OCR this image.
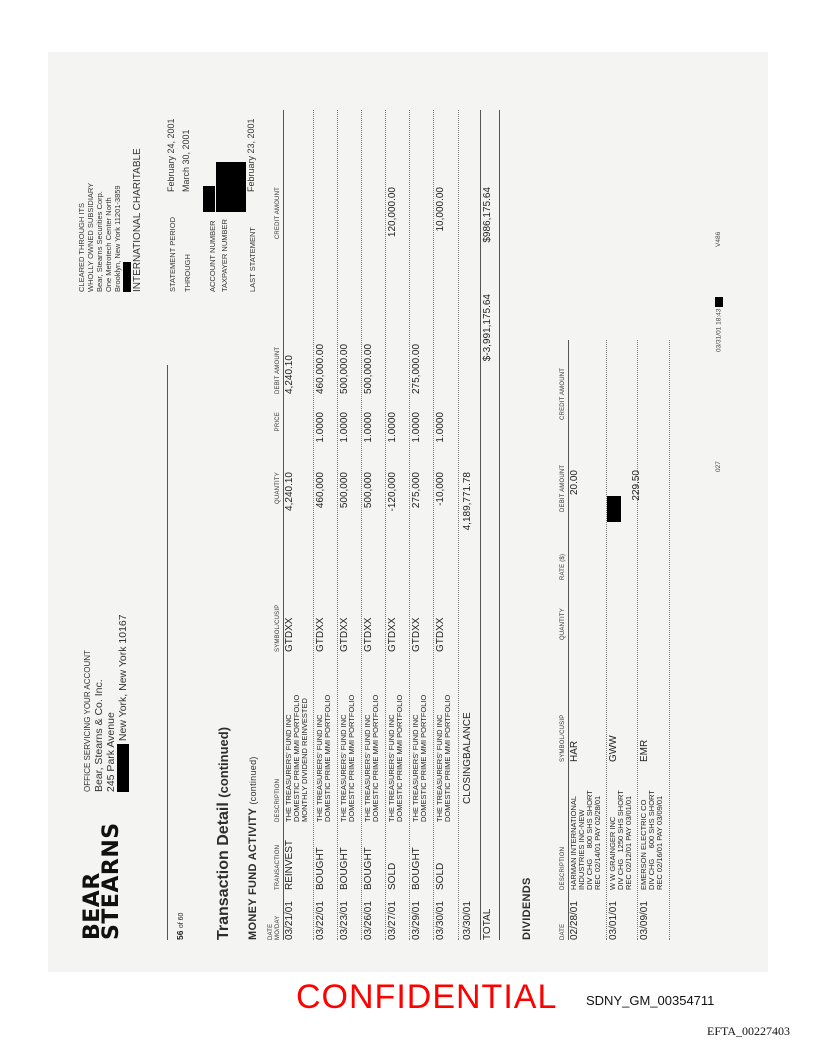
BEAR
STEARNS
OFFICE SERVICING YOUR ACCOUNT Bear, Stearns & Co. Inc. 245 Park Avenue
New York, New York 10167
CLEARED THROUGH ITS WHOLLY OWNED SUBSIDIARY Bear, Stearns Securities Corp. One Metrotech Center North Brooklyn, New York 11201-3859 INTERNATIONAL CHARITABLE
56 of 60
STATEMENT PERIOD
February 24, 2001
THROUGH
March 30, 2001
ACCOUNT NUMBER TAXPAYER NUMBER	LAST STATEMENT
February 23, 2001
Transaction Detail (continued)
MONEY FUND ACTIVITY (continued)
DATE MO/DAY
TRANSACTION
DESCRIPTION
SYMBOL/CUSIP
QUANTITY
PRICE
DEBIT AMOUNT
CREDIT AMOUNT
03/21/01
REINVEST
THE TREASURERS' FUND INC DOMESTIC PRIME MMI PORTFOLIO MONTHLY DIVIDEND REINVESTED
GTDXX
4,240.10
4,240.10
03/22/01
BOUGHT
THE TREASURERS' FUND INC DOMESTIC PRIME MMI PORTFOLIO
GTDXX
460,000
1.0000
460,000.00
03/23/01
BOUGHT
THE TREASURERS' FUND INC DOMESTIC PRIME MMI PORTFOLIO
GTDXX
500,000
1.0000
500,000.00
03/26/01
BOUGHT
THE TREASURERS' FUND INC DOMESTIC PRIME MMI PORTFOLIO
GTDXX
500,000
1.0000
500,000.00
03/27/01
SOLD
THE TREASURERS' FUND INC DOMESTIC PRIME MMI PORTFOLIO
GTDXX
-120,000
1.0000
120,000.00
03/29/01
BOUGHT
THE TREASURERS' FUND INC DOMESTIC PRIME MMI PORTFOLIO
GTDXX
275,000
1.0000
275,000.00
03/30/01
SOLD
THE TREASURERS' FUND INC DOMESTIC PRIME MMI PORTFOLIO
GTDXX
-10,000
1.0000
10,000.00
03/30/01
CLOSINGBALANCE
4,189,771.78
TOTAL
$-3,991,175.64
$986,175.64
DIVIDENDS	DATE
DESCRIPTION
SYMBOL/CUSIP
QUANTITY
RATE ($)
DEBIT AMOUNT
CREDIT AMOUNT
02/28/01
HARMAN INTERNATIONAL INDUSTRIES INC-NEW DIV CHG     800 SHS SHORT REC 02/14/01 PAY 02/28/01
HAR
20.00
03/01/01
W W GRAINGER INC DIV CHG   1250 SHS SHORT REC 02/12/01 PAY 03/01/01
GWW
03/09/01
EMERSON ELECTRIC CO DIV CHG     600 SHS SHORT REC 02/16/01 PAY 03/09/01
EMR
229.50
027
03/31/01 18:43
V486
CONFIDENTIAL SDNY_GM_00354711
EFTA_00227403
